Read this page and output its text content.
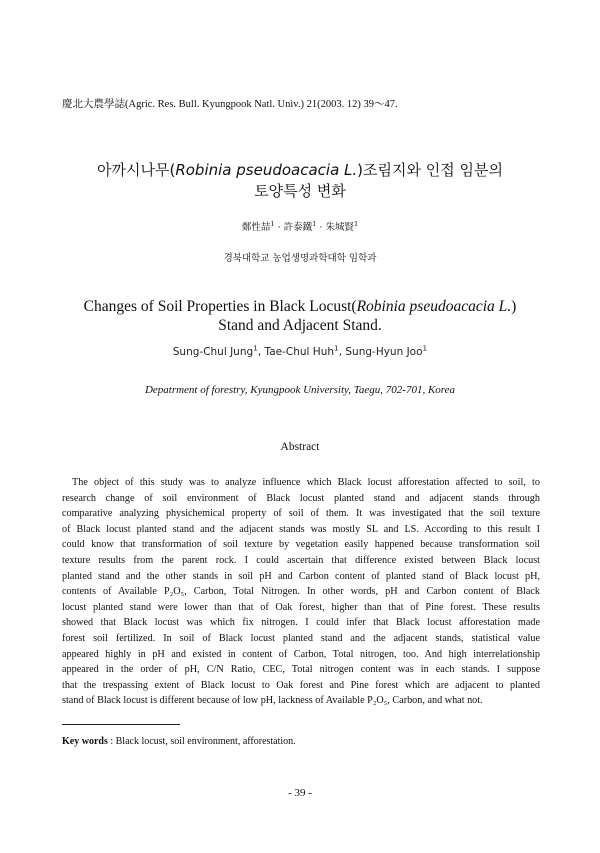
慶北大農學誌(Agric. Res. Bull. Kyungpook Natl. Univ.) 21(2003. 12) 39～47.
아까시나무(Robinia pseudoacacia L.)조림지와 인접 임분의
토양특성 변화
鄭性喆$^1$ · 許泰鐵$^1$ · 朱城賢$^1$
경북대학교 농업생명과학대학 임학과
Changes of Soil Properties in Black Locust(Robinia pseudoacacia L.)
Stand and Adjacent Stand.
Sung-Chul Jung$^1$, Tae-Chul Huh$^1$, Sung-Hyun Joo$^1$
Depatrment of forestry, Kyungpook University, Taegu, 702-701, Korea
Abstract
The object of this study was to analyze influence which Black locust afforestation affected to soil, to
research change of soil environment of Black locust planted stand and adjacent stands through
comparative analyzing physichemical property of soil of them. It was investigated that the soil texture
of Black locust planted stand and the adjacent stands was mostly SL and LS. According to this result I
could know that transformation of soil texture by vegetation easily happened because transformation soil
texture results from the parent rock. I could ascertain that difference existed between Black locust
planted stand and the other stands in soil pH and Carbon content of planted stand of Black locust pH,
contents of Available P₂O₅, Carbon, Total Nitrogen. In other words, pH and Carbon content of Black
locust planted stand were lower than that of Oak forest, higher than that of Pine forest. These results
showed that Black locust was which fix nitrogen. I could infer that Black locust afforestation made
forest soil fertilized. In soil of Black locust planted stand and the adjacent stands, statistical value
appeared highly in pH and existed in content of Carbon, Total nitrogen, too. And high interrelationship
appeared in the order of pH, C/N Ratio, CEC, Total nitrogen content was in each stands. I suppose
that the trespassing extent of Black locust to Oak forest and Pine forest which are adjacent to planted
stand of Black locust is different because of low pH, lackness of Available P₂O₅, Carbon, and what not.
Key words : Black locust, soil environment, afforestation.
- 39 -
